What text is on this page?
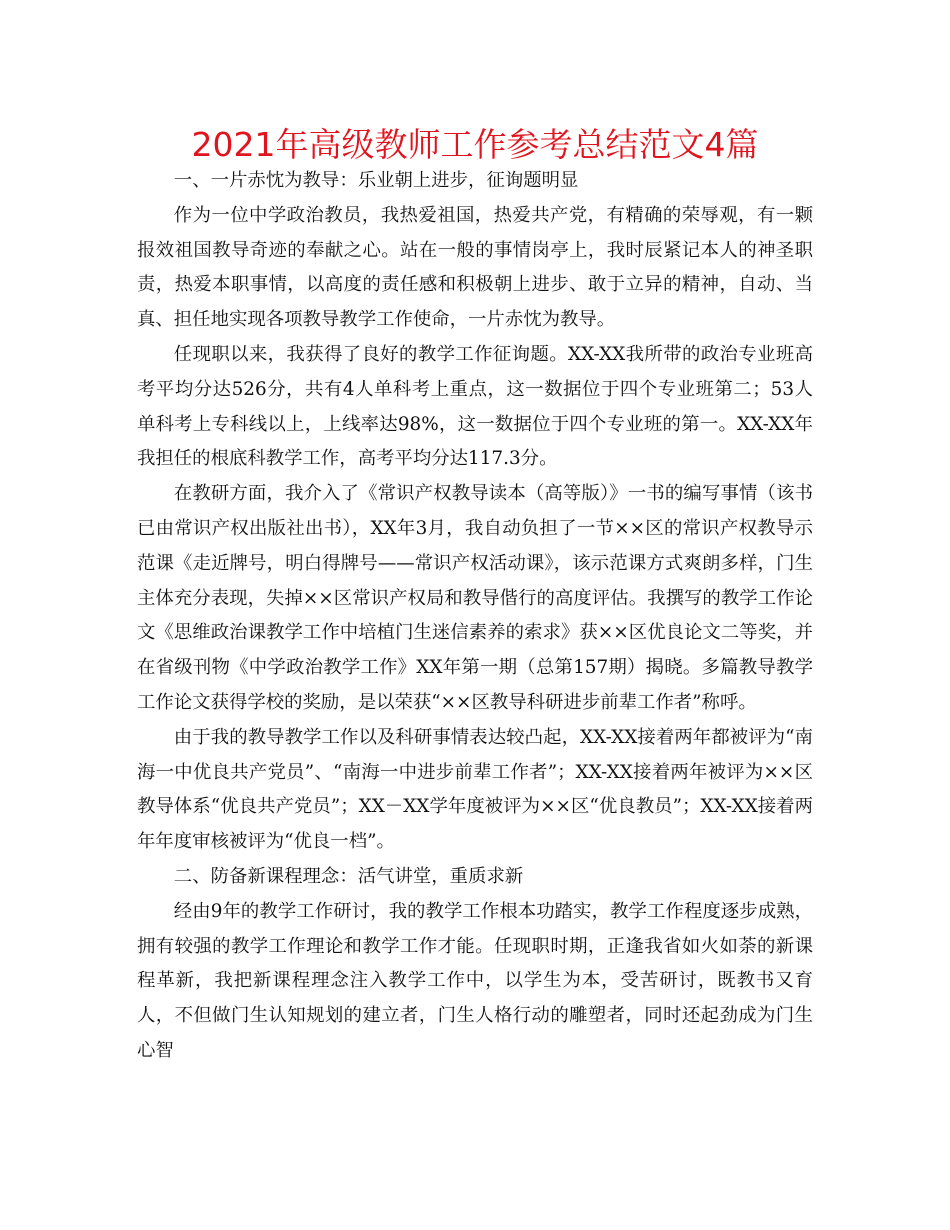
2021年高级教师工作参考总结范文4篇

一、一片赤忱为教导：乐业朝上进步，征询题明显

作为一位中学政治教员，我热爱祖国，热爱共产党，有精确的荣辱观，有一颗报效祖国教导奇迹的奉献之心。站在一般的事情岗亭上，我时辰紧记本人的神圣职责，热爱本职事情，以高度的责任感和积极朝上进步、敢于立异的精神，自动、当真、担任地实现各项教导教学工作使命，一片赤忱为教导。

任现职以来，我获得了良好的教学工作征询题。XX-XX我所带的政治专业班高考平均分达526分，共有4人单科考上重点，这一数据位于四个专业班第二；53人单科考上专科线以上，上线率达98%，这一数据位于四个专业班的第一。XX-XX年我担任的根底科教学工作，高考平均分达117.3分。

在教研方面，我介入了《常识产权教导读本（高等版）》一书的编写事情（该书已由常识产权出版社出书），XX年3月，我自动负担了一节××区的常识产权教导示范课《走近牌号，明白得牌号——常识产权活动课》，该示范课方式爽朗多样，门生主体充分表现，失掉××区常识产权局和教导偕行的高度评估。我撰写的教学工作论文《思维政治课教学工作中培植门生迷信素养的索求》获××区优良论文二等奖，并在省级刊物《中学政治教学工作》XX年第一期（总第157期）揭晓。多篇教导教学工作论文获得学校的奖励，是以荣获“××区教导科研进步前辈工作者”称呼。

由于我的教导教学工作以及科研事情表达较凸起，XX-XX接着两年都被评为“南海一中优良共产党员”、“南海一中进步前辈工作者”；XX-XX接着两年被评为××区教导体系“优良共产党员”；XX－XX学年度被评为××区“优良教员”；XX-XX接着两年年度审核被评为“优良一档”。

二、防备新课程理念：活气讲堂，重质求新

经由9年的教学工作研讨，我的教学工作根本功踏实，教学工作程度逐步成熟，拥有较强的教学工作理论和教学工作才能。任现职时期，正逢我省如火如荼的新课程革新，我把新课程理念注入教学工作中，以学生为本，受苦研讨，既教书又育人，不但做门生认知规划的建立者，门生人格行动的雕塑者，同时还起劲成为门生心智
